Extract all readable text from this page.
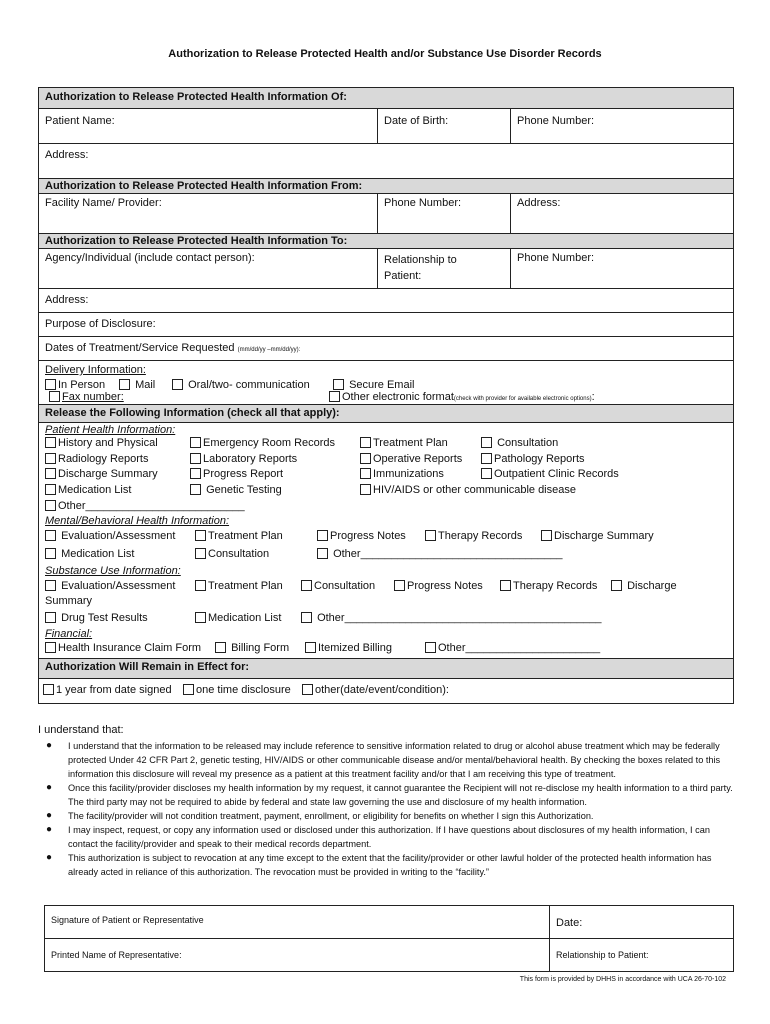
Authorization to Release Protected Health and/or Substance Use Disorder Records
Authorization to Release Protected Health Information Of:
Patient Name:	Date of Birth:	Phone Number:
Address:
Authorization to Release Protected Health Information From:
Facility Name/ Provider:	Phone Number:	Address:
Authorization to Release Protected Health Information To:
Agency/Individual (include contact person):	Relationship to
Patient:
Phone Number:
Address:
Purpose of Disclosure:
Dates of Treatment/Service Requested (mm/dd/yy –mm/dd/yy):
Delivery Information:
In Person	Mail	Oral/two- communication	Secure Email
Fax number:	Other electronic format(check with provider for available electronic options):
Release the Following Information (check all that apply):
Patient Health Information:
History and Physical	Emergency Room Records	Treatment Plan	Consultation
Radiology Reports	Laboratory Reports	Operative Reports	Pathology Reports
Discharge Summary	Progress Report	Immunizations	Outpatient Clinic Records
Medication List	Genetic Testing	HIV/AIDS or other communicable disease
Other__________________________
Mental/Behavioral Health Information:
Evaluation/Assessment	Treatment Plan	Progress Notes	Therapy Records	Discharge Summary
Medication List	Consultation	Other_________________________________
Substance Use Information:
Evaluation/Assessment	Treatment Plan	Consultation	Progress Notes	Therapy Records	Discharge
Summary
Drug Test Results	Medication List	Other__________________________________________
Financial:
Health Insurance Claim Form	Billing Form	Itemized Billing	Other______________________
Authorization Will Remain in Effect for:
1 year from date signed	one time disclosure	other(date/event/condition):
I understand that:
● I understand that the information to be released may include reference to sensitive information related to drug or alcohol abuse treatment which may be federally protected Under 42 CFR Part 2, genetic testing, HIV/AIDS or other communicable disease and/or mental/behavioral health. By checking the boxes related to this information this disclosure will reveal my presence as a patient at this treatment facility and/or that I am receiving this type of treatment.
● Once this facility/provider discloses my health information by my request, it cannot guarantee the Recipient will not re-disclose my health information to a third party. The third party may not be required to abide by federal and state law governing the use and disclosure of my health information.
● The facility/provider will not condition treatment, payment, enrollment, or eligibility for benefits on whether I sign this Authorization.
● I may inspect, request, or copy any information used or disclosed under this authorization. If I have questions about disclosures of my health information, I can contact the facility/provider and speak to their medical records department.
● This authorization is subject to revocation at any time except to the extent that the facility/provider or other lawful holder of the protected health information has already acted in reliance of this authorization. The revocation must be provided in writing to the “facility.”
Signature of Patient or Representative	Date:
Printed Name of Representative:	Relationship to Patient:
This form is provided by DHHS in accordance with UCA 26-70-102
